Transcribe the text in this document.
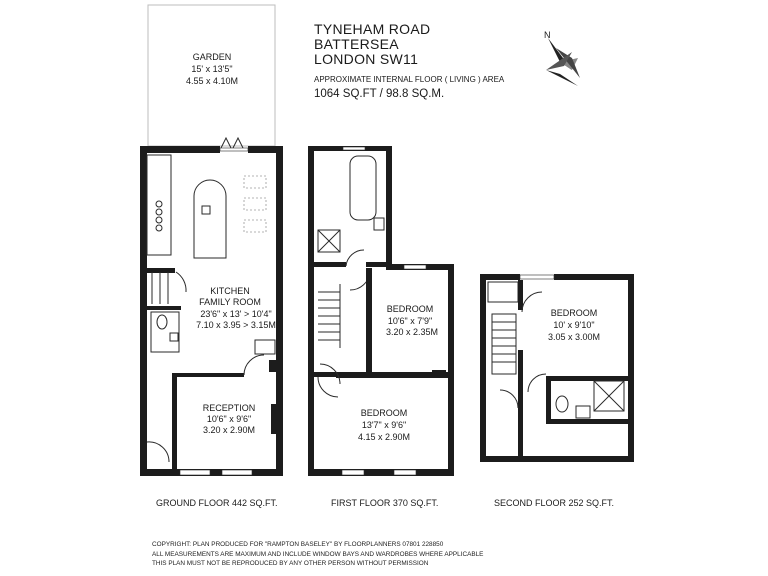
GARDEN
15' x 13'5"
4.55 x 4.10M
KITCHEN
FAMILY ROOM
23'6" x 13' > 10'4"
7.10 x 3.95 > 3.15M
RECEPTION
10'6" x 9'6"
3.20 x 2.90M
BEDROOM
10'6" x 7'9"
3.20 x 2.35M
BEDROOM
13'7" x 9'6"
4.15 x 2.90M
BEDROOM
10' x 9'10"
3.05 x 3.00M
N
TYNEHAM ROAD
BATTERSEA
LONDON SW11
APPROXIMATE INTERNAL FLOOR ( LIVING ) AREA
1064 SQ.FT / 98.8 SQ.M.
GROUND FLOOR 442 SQ.FT.	FIRST FLOOR 370 SQ.FT.	SECOND FLOOR 252 SQ.FT.
COPYRIGHT: PLAN PRODUCED FOR "RAMPTON BASELEY" BY FLOORPLANNERS 07801 228850
ALL MEASUREMENTS ARE MAXIMUM AND INCLUDE WINDOW BAYS AND WARDROBES WHERE APPLICABLE
THIS PLAN MUST NOT BE REPRODUCED BY ANY OTHER PERSON WITHOUT PERMISSION
